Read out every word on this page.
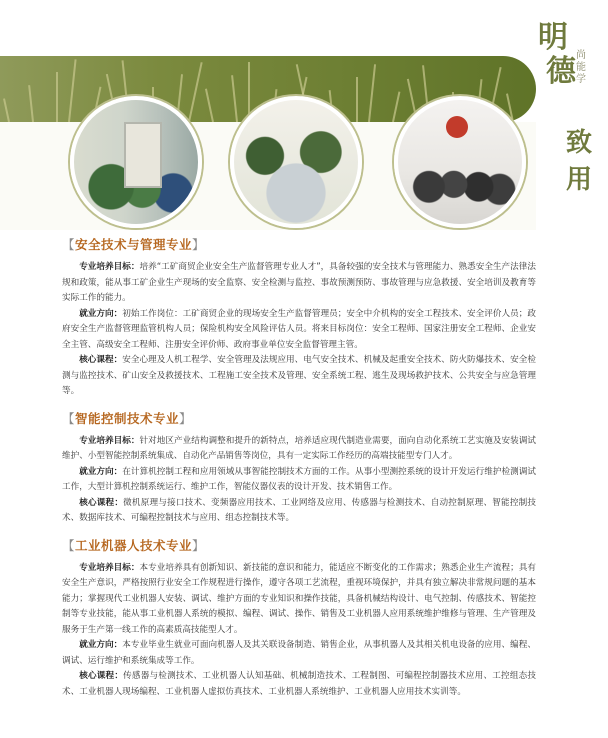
明
德 尚能学
致用
【安全技术与管理专业】

专业培养目标：培养“工矿商贸企业安全生产监督管理专业人才”，具备较强的安全技术与管理能力、熟悉安全生产法律法规和政策，能从事工矿企业生产现场的安全监察、安全检测与监控、事故预测预防、事故管理与应急救援、安全培训及教育等实际工作的能力。

就业方向：初始工作岗位：工矿商贸企业的现场安全生产监督管理员；安全中介机构的安全工程技术、安全评价人员；政府安全生产监督管理监管机构人员；保险机构安全风险评估人员。将来目标岗位：安全工程师、国家注册安全工程师、企业安全主管、高级安全工程师、注册安全评价师、政府事业单位安全监督管理主管。

核心课程：安全心理及人机工程学、安全管理及法规应用、电气安全技术、机械及起重安全技术、防火防爆技术、安全检测与监控技术、矿山安全及救援技术、工程施工安全技术及管理、安全系统工程、逃生及现场救护技术、公共安全与应急管理等。

【智能控制技术专业】

专业培养目标：针对地区产业结构调整和提升的新特点，培养适应现代制造业需要，面向自动化系统工艺实施及安装调试维护、小型智能控制系统集成、自动化产品销售等岗位，具有一定实际工作经历的高端技能型专门人才。

就业方向：在计算机控制工程和应用领域从事智能控制技术方面的工作。从事小型测控系统的设计开发运行维护检测调试工作，大型计算机控制系统运行、维护工作，智能仪器仪表的设计开发、技术销售工作。

核心课程：微机原理与接口技术、变频器应用技术、工业网络及应用、传感器与检测技术、自动控制原理、智能控制技术、数据库技术、可编程控制技术与应用、组态控制技术等。

【工业机器人技术专业】

专业培养目标：本专业培养具有创新知识、新技能的意识和能力，能适应不断变化的工作需求；熟悉企业生产流程；具有安全生产意识，严格按照行业安全工作规程进行操作，遵守各项工艺流程，重视环境保护，并具有独立解决非常规问题的基本能力；掌握现代工业机器人安装、调试、维护方面的专业知识和操作技能，具备机械结构设计、电气控制、传感技术、智能控制等专业技能，能从事工业机器人系统的模拟、编程、调试、操作、销售及工业机器人应用系统维护维修与管理、生产管理及服务于生产第一线工作的高素质高技能型人才。

就业方向：本专业毕业生就业可面向机器人及其关联设备制造、销售企业，从事机器人及其相关机电设备的应用、编程、调试、运行维护和系统集成等工作。

核心课程：传感器与检测技术、工业机器人认知基础、机械制造技术、工程制图、可编程控制器技术应用、工控组态技术、工业机器人现场编程、工业机器人虚拟仿真技术、工业机器人系统维护、工业机器人应用技术实训等。
